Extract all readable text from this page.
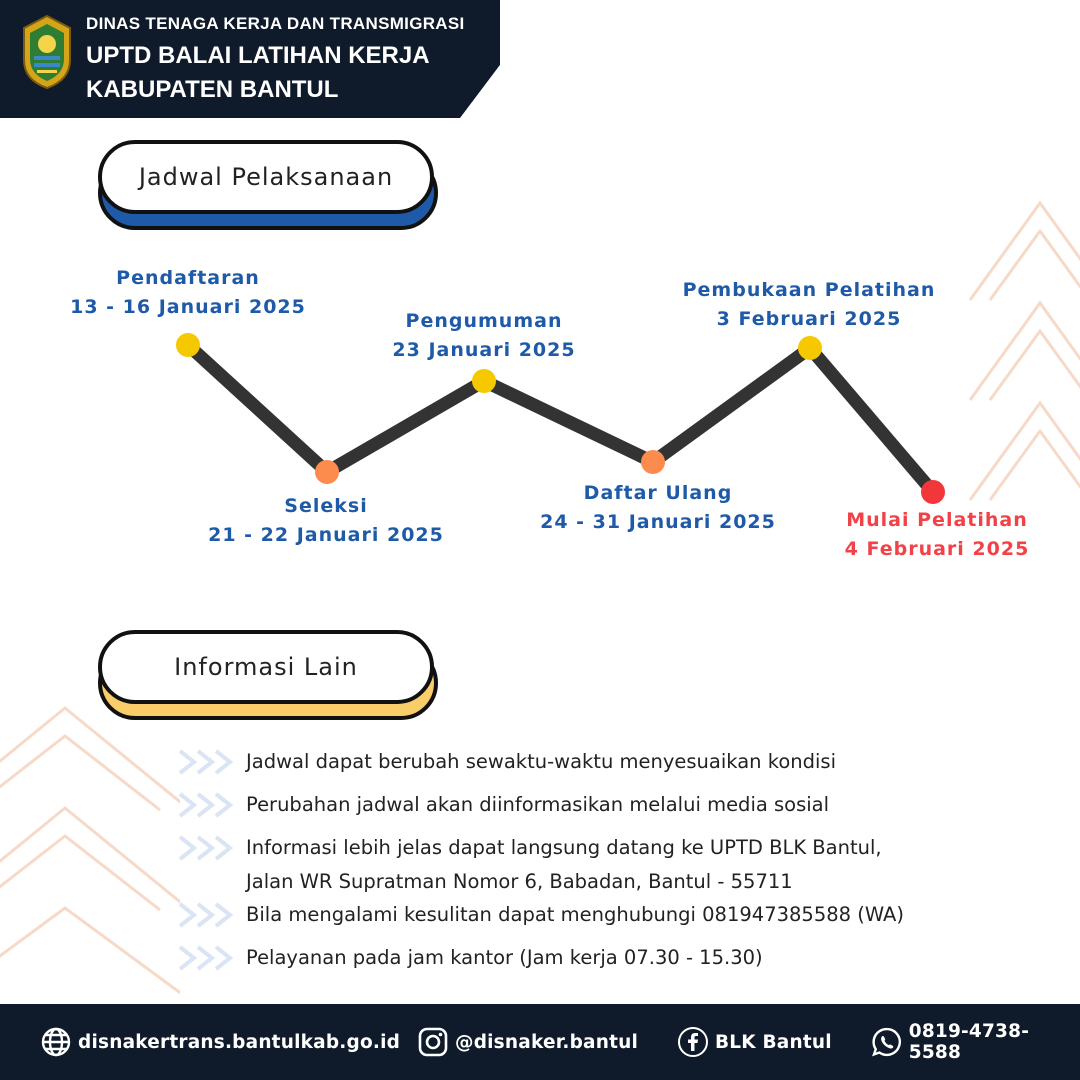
DINAS TENAGA KERJA DAN TRANSMIGRASI
UPTD BALAI LATIHAN KERJA
KABUPATEN BANTUL
Jadwal Pelaksanaan
Pendaftaran
13 - 16 Januari 2025
Seleksi
21 - 22 Januari 2025
Pengumuman
23 Januari 2025
Daftar Ulang
24 - 31 Januari 2025
Pembukaan Pelatihan
3 Februari 2025
Mulai Pelatihan
4 Februari 2025
Informasi Lain
Jadwal dapat berubah sewaktu-waktu menyesuaikan kondisi
Perubahan jadwal akan diinformasikan melalui media sosial
Informasi lebih jelas dapat langsung datang ke UPTD BLK Bantul,
Jalan WR Supratman Nomor 6, Babadan, Bantul - 55711
Bila mengalami kesulitan dapat menghubungi 081947385588 (WA)
Pelayanan pada jam kantor (Jam kerja 07.30 - 15.30)
disnakertrans.bantulkab.go.id	@disnaker.bantul	BLK Bantul	0819-4738-5588
